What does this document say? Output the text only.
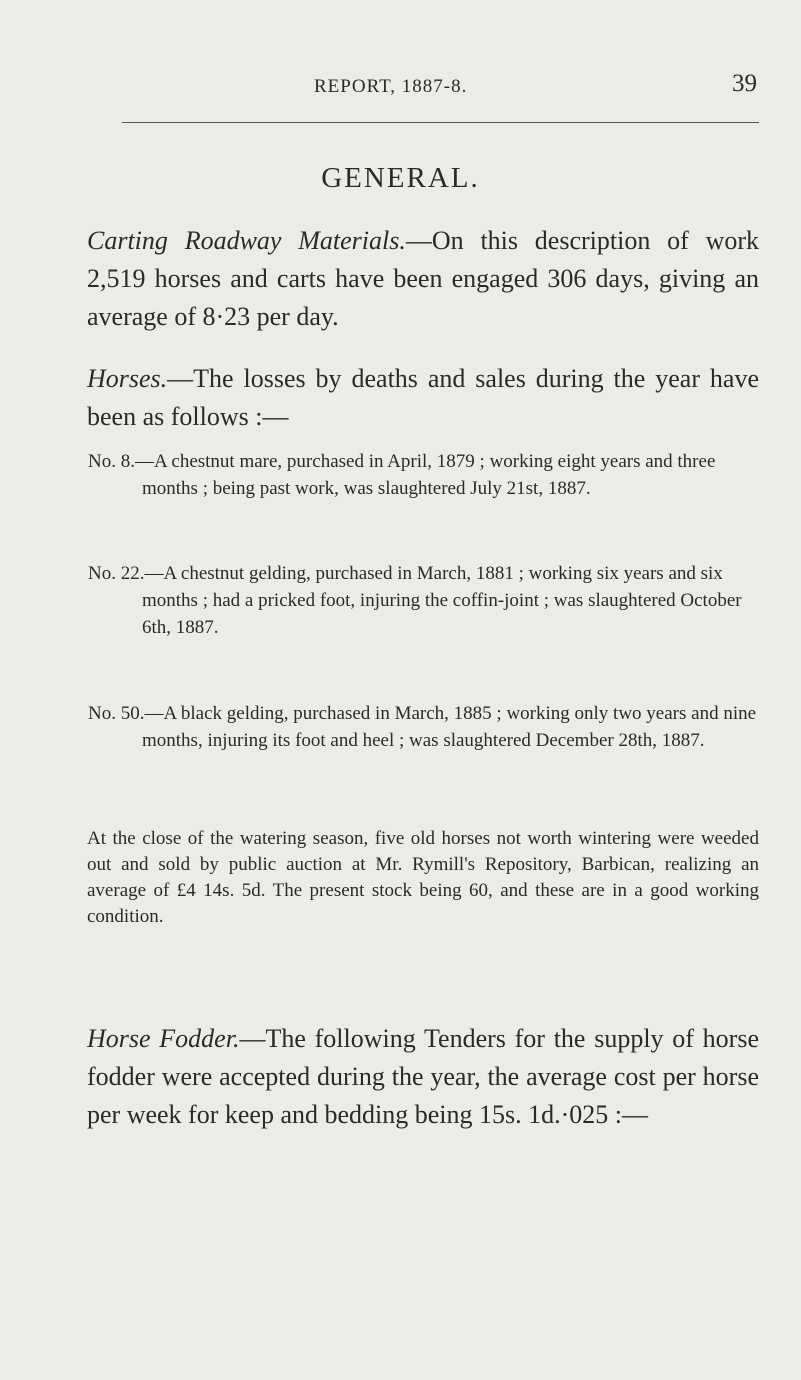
REPORT, 1887-8.	39
GENERAL.

Carting Roadway Materials.—On this description of work 2,519 horses and carts have been engaged 306 days, giving an average of 8·23 per day.

Horses.—The losses by deaths and sales during the year have been as follows :—

No. 8.—A chestnut mare, purchased in April, 1879 ; working eight years and three months ; being past work, was slaughtered July 21st, 1887.

No. 22.—A chestnut gelding, purchased in March, 1881 ; working six years and six months ; had a pricked foot, injuring the coffin-joint ; was slaughtered October 6th, 1887.

No. 50.—A black gelding, purchased in March, 1885 ; working only two years and nine months, injuring its foot and heel ; was slaughtered December 28th, 1887.

At the close of the watering season, five old horses not worth wintering were weeded out and sold by public auction at Mr. Rymill's Repository, Barbican, realizing an average of £4 14s. 5d. The present stock being 60, and these are in a good working condition.

Horse Fodder.—The following Tenders for the supply of horse fodder were accepted during the year, the average cost per horse per week for keep and bedding being 15s. 1d.·025 :—
